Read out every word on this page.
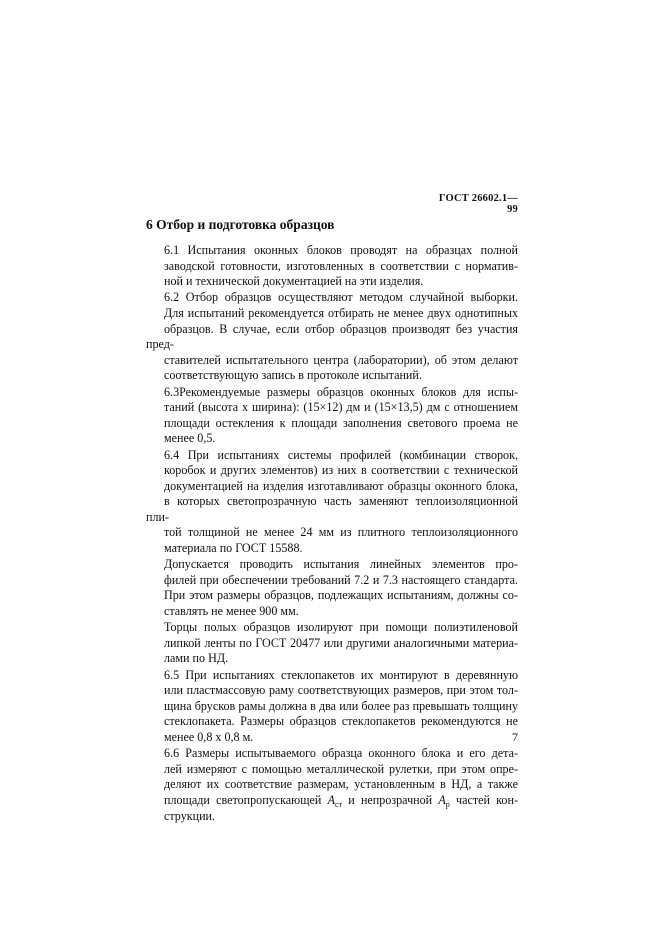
ГОСТ 26602.1—99
6 Отбор и подготовка образцов
6.1 Испытания оконных блоков проводят на образцах полной
заводской готовности, изготовленных в соответствии с норматив-
ной и технической документацией на эти изделия.
6.2 Отбор образцов осуществляют методом случайной выборки.
Для испытаний рекомендуется отбирать не менее двух однотипных
образцов. В случае, если отбор образцов производят без участия пред-
ставителей испытательного центра (лаборатории), об этом делают
соответствующую запись в протоколе испытаний.
6.3Рекомендуемые размеры образцов оконных блоков для испы-
таний (высота х ширина): (15×12) дм и (15×13,5) дм с отношением
площади остекления к площади заполнения светового проема не
менее 0,5.
6.4 При испытаниях системы профилей (комбинации створок,
коробок и других элементов) из них в соответствии с технической
документацией на изделия изготавливают образцы оконного блока,
в которых светопрозрачную часть заменяют теплоизоляционной пли-
той толщиной не менее 24 мм из плитного теплоизоляционного
материала по ГОСТ 15588.
Допускается проводить испытания линейных элементов про-
филей при обеспечении требований 7.2 и 7.3 настоящего стандарта.
При этом размеры образцов, подлежащих испытаниям, должны со-
ставлять не менее 900 мм.
Торцы полых образцов изолируют при помощи полиэтиленовой
липкой ленты по ГОСТ 20477 или другими аналогичными материа-
лами по НД.
6.5 При испытаниях стеклопакетов их монтируют в деревянную
или пластмассовую раму соответствующих размеров, при этом тол-
щина брусков рамы должна в два или более раз превышать толщину
стеклопакета. Размеры образцов стеклопакетов рекомендуются не
менее 0,8 х 0,8 м.
6.6 Размеры испытываемого образца оконного блока и его дета-
лей измеряют с помощью металлической рулетки, при этом опре-
деляют их соответствие размерам, установленным в НД, а также
площади светопропускающей $A_{ст}$ и непрозрачной $A_р$ частей кон-
струкции.
7
